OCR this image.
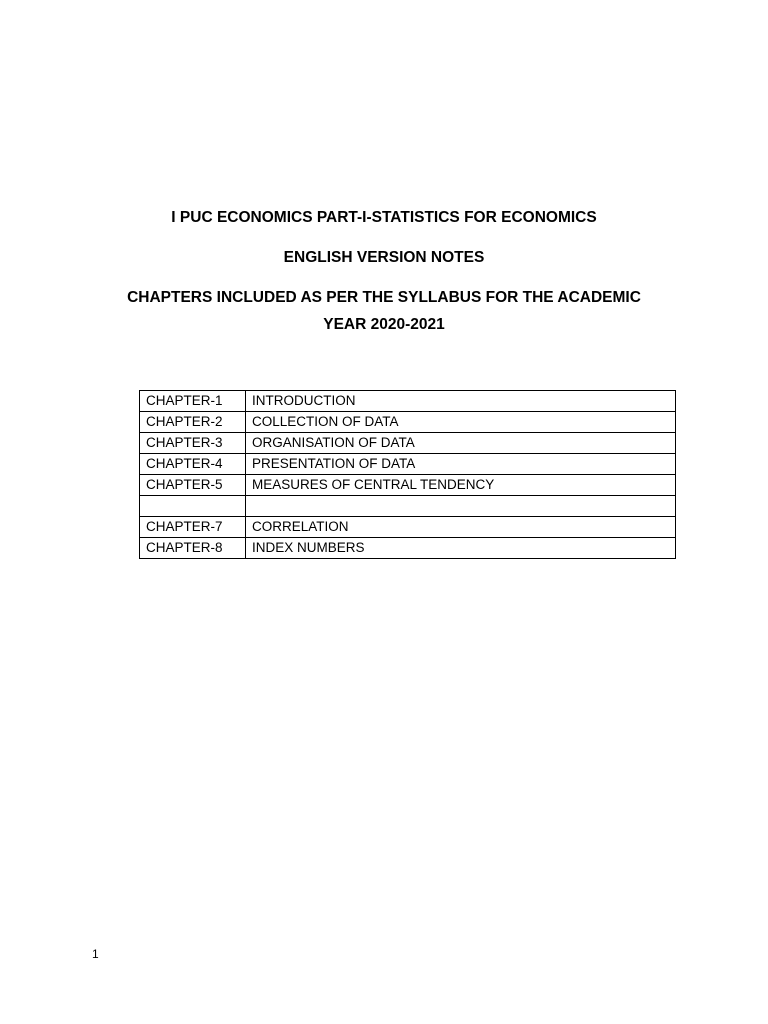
I PUC ECONOMICS PART-I-STATISTICS FOR ECONOMICS
ENGLISH VERSION NOTES
CHAPTERS INCLUDED AS PER THE SYLLABUS FOR THE ACADEMIC
YEAR 2020-2021
CHAPTER-1	INTRODUCTION
CHAPTER-2	COLLECTION OF DATA
CHAPTER-3	ORGANISATION OF DATA
CHAPTER-4	PRESENTATION OF DATA
CHAPTER-5	MEASURES OF CENTRAL TENDENCY

CHAPTER-7	CORRELATION
CHAPTER-8	INDEX NUMBERS
1
